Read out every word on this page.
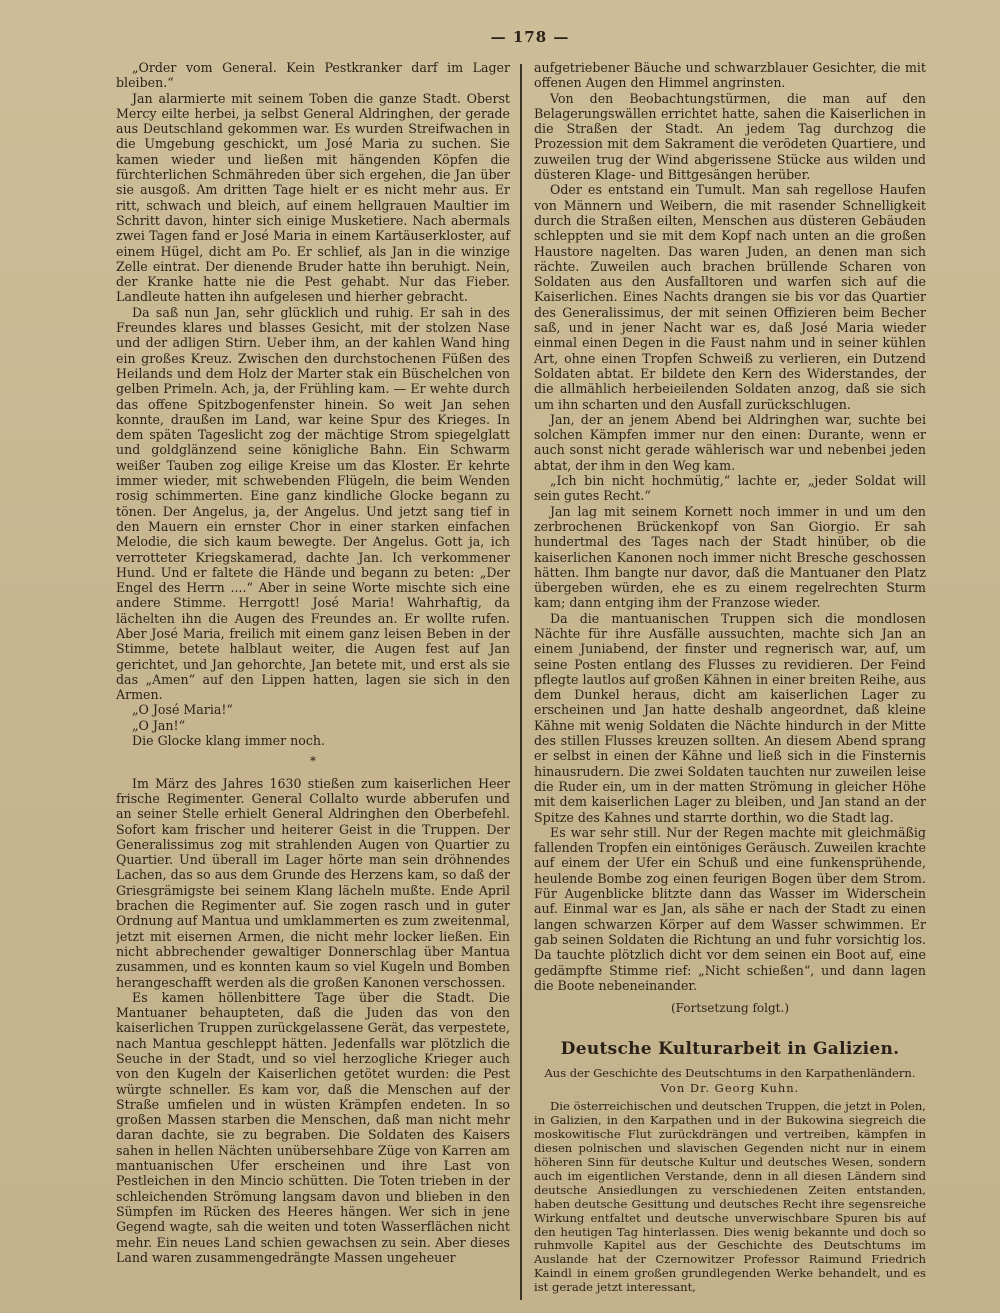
— 178 —

„Order vom General. Kein Pestkranker darf im Lager bleiben.“

Jan alarmierte mit seinem Toben die ganze Stadt. Oberst Mercy eilte herbei, ja selbst General Aldringhen, der gerade aus Deutschland gekommen war. Es wurden Streifwachen in die Umgebung geschickt, um José Maria zu suchen. Sie kamen wieder und ließen mit hängenden Köpfen die fürchterlichen Schmähreden über sich ergehen, die Jan über sie ausgoß. Am dritten Tage hielt er es nicht mehr aus. Er ritt, schwach und bleich, auf einem hellgrauen Maultier im Schritt davon, hinter sich einige Musketiere. Nach abermals zwei Tagen fand er José Maria in einem Kartäuserkloster, auf einem Hügel, dicht am Po. Er schlief, als Jan in die winzige Zelle eintrat. Der dienende Bruder hatte ihn beruhigt. Nein, der Kranke hatte nie die Pest gehabt. Nur das Fieber. Landleute hatten ihn aufgelesen und hierher gebracht.

Da saß nun Jan, sehr glücklich und ruhig. Er sah in des Freundes klares und blasses Gesicht, mit der stolzen Nase und der adligen Stirn. Ueber ihm, an der kahlen Wand hing ein großes Kreuz. Zwischen den durchstochenen Füßen des Heilands und dem Holz der Marter stak ein Büschelchen von gelben Primeln. Ach, ja, der Frühling kam. — Er wehte durch das offene Spitzbogenfenster hinein. So weit Jan sehen konnte, draußen im Land, war keine Spur des Krieges. In dem späten Tageslicht zog der mächtige Strom spiegelglatt und goldglänzend seine königliche Bahn. Ein Schwarm weißer Tauben zog eilige Kreise um das Kloster. Er kehrte immer wieder, mit schwebenden Flügeln, die beim Wenden rosig schimmerten. Eine ganz kindliche Glocke begann zu tönen. Der Angelus, ja, der Angelus. Und jetzt sang tief in den Mauern ein ernster Chor in einer starken einfachen Melodie, die sich kaum bewegte. Der Angelus. Gott ja, ich verrotteter Kriegskamerad, dachte Jan. Ich verkommener Hund. Und er faltete die Hände und begann zu beten: „Der Engel des Herrn ....“ Aber in seine Worte mischte sich eine andere Stimme. Herrgott! José Maria! Wahrhaftig, da lächelten ihn die Augen des Freundes an. Er wollte rufen. Aber José Maria, freilich mit einem ganz leisen Beben in der Stimme, betete halblaut weiter, die Augen fest auf Jan gerichtet, und Jan gehorchte, Jan betete mit, und erst als sie das „Amen“ auf den Lippen hatten, lagen sie sich in den Armen.

„O José Maria!“

„O Jan!“

Die Glocke klang immer noch.

*

Im März des Jahres 1630 stießen zum kaiserlichen Heer frische Regimenter. General Collalto wurde abberufen und an seiner Stelle erhielt General Aldringhen den Oberbefehl. Sofort kam frischer und heiterer Geist in die Truppen. Der Generalissimus zog mit strahlenden Augen von Quartier zu Quartier. Und überall im Lager hörte man sein dröhnendes Lachen, das so aus dem Grunde des Herzens kam, so daß der Griesgrämigste bei seinem Klang lächeln mußte. Ende April brachen die Regimenter auf. Sie zogen rasch und in guter Ordnung auf Mantua und umklammerten es zum zweitenmal, jetzt mit eisernen Armen, die nicht mehr locker ließen. Ein nicht abbrechender gewaltiger Donnerschlag über Mantua zusammen, und es konnten kaum so viel Kugeln und Bomben herangeschafft werden als die großen Kanonen verschossen.

Es kamen höllenbittere Tage über die Stadt. Die Mantuaner behaupteten, daß die Juden das von den kaiserlichen Truppen zurückgelassene Gerät, das verpestete, nach Mantua geschleppt hätten. Jedenfalls war plötzlich die Seuche in der Stadt, und so viel herzogliche Krieger auch von den Kugeln der Kaiserlichen getötet wurden: die Pest würgte schneller. Es kam vor, daß die Menschen auf der Straße umfielen und in wüsten Krämpfen endeten. In so großen Massen starben die Menschen, daß man nicht mehr daran dachte, sie zu begraben. Die Soldaten des Kaisers sahen in hellen Nächten unübersehbare Züge von Karren am mantuanischen Ufer erscheinen und ihre Last von Pestleichen in den Mincio schütten. Die Toten trieben in der schleichenden Strömung langsam davon und blieben in den Sümpfen im Rücken des Heeres hängen. Wer sich in jene Gegend wagte, sah die weiten und toten Wasserflächen nicht mehr. Ein neues Land schien gewachsen zu sein. Aber dieses Land waren zusammengedrängte Massen ungeheuer

aufgetriebener Bäuche und schwarzblauer Gesichter, die mit offenen Augen den Himmel angrinsten.

Von den Beobachtungstürmen, die man auf den Belagerungswällen errichtet hatte, sahen die Kaiserlichen in die Straßen der Stadt. An jedem Tag durchzog die Prozession mit dem Sakrament die verödeten Quartiere, und zuweilen trug der Wind abgerissene Stücke aus wilden und düsteren Klage- und Bittgesängen herüber.

Oder es entstand ein Tumult. Man sah regellose Haufen von Männern und Weibern, die mit rasender Schnelligkeit durch die Straßen eilten, Menschen aus düsteren Gebäuden schleppten und sie mit dem Kopf nach unten an die großen Haustore nagelten. Das waren Juden, an denen man sich rächte. Zuweilen auch brachen brüllende Scharen von Soldaten aus den Ausfalltoren und warfen sich auf die Kaiserlichen. Eines Nachts drangen sie bis vor das Quartier des Generalissimus, der mit seinen Offizieren beim Becher saß, und in jener Nacht war es, daß José Maria wieder einmal einen Degen in die Faust nahm und in seiner kühlen Art, ohne einen Tropfen Schweiß zu verlieren, ein Dutzend Soldaten abtat. Er bildete den Kern des Widerstandes, der die allmählich herbeieilenden Soldaten anzog, daß sie sich um ihn scharten und den Ausfall zurückschlugen.

Jan, der an jenem Abend bei Aldringhen war, suchte bei solchen Kämpfen immer nur den einen: Durante, wenn er auch sonst nicht gerade wählerisch war und nebenbei jeden abtat, der ihm in den Weg kam.

„Ich bin nicht hochmütig,“ lachte er, „jeder Soldat will sein gutes Recht.“

Jan lag mit seinem Kornett noch immer in und um den zerbrochenen Brückenkopf von San Giorgio. Er sah hundertmal des Tages nach der Stadt hinüber, ob die kaiserlichen Kanonen noch immer nicht Bresche geschossen hätten. Ihm bangte nur davor, daß die Mantuaner den Platz übergeben würden, ehe es zu einem regelrechten Sturm kam; dann entging ihm der Franzose wieder.

Da die mantuanischen Truppen sich die mondlosen Nächte für ihre Ausfälle aussuchten, machte sich Jan an einem Juniabend, der finster und regnerisch war, auf, um seine Posten entlang des Flusses zu revidieren. Der Feind pflegte lautlos auf großen Kähnen in einer breiten Reihe, aus dem Dunkel heraus, dicht am kaiserlichen Lager zu erscheinen und Jan hatte deshalb angeordnet, daß kleine Kähne mit wenig Soldaten die Nächte hindurch in der Mitte des stillen Flusses kreuzen sollten. An diesem Abend sprang er selbst in einen der Kähne und ließ sich in die Finsternis hinausrudern. Die zwei Soldaten tauchten nur zuweilen leise die Ruder ein, um in der matten Strömung in gleicher Höhe mit dem kaiserlichen Lager zu bleiben, und Jan stand an der Spitze des Kahnes und starrte dorthin, wo die Stadt lag.

Es war sehr still. Nur der Regen machte mit gleichmäßig fallenden Tropfen ein eintöniges Geräusch. Zuweilen krachte auf einem der Ufer ein Schuß und eine funkensprühende, heulende Bombe zog einen feurigen Bogen über dem Strom. Für Augenblicke blitzte dann das Wasser im Widerschein auf. Einmal war es Jan, als sähe er nach der Stadt zu einen langen schwarzen Körper auf dem Wasser schwimmen. Er gab seinen Soldaten die Richtung an und fuhr vorsichtig los. Da tauchte plötzlich dicht vor dem seinen ein Boot auf, eine gedämpfte Stimme rief: „Nicht schießen“, und dann lagen die Boote nebeneinander.

(Fortsetzung folgt.)
Deutsche Kulturarbeit in Galizien.
Aus der Geschichte des Deutschtums in den Karpathenländern.
Von Dr. Georg Kuhn.

Die österreichischen und deutschen Truppen, die jetzt in Polen, in Galizien, in den Karpathen und in der Bukowina siegreich die moskowitische Flut zurückdrängen und vertreiben, kämpfen in diesen polnischen und slavischen Gegenden nicht nur in einem höheren Sinn für deutsche Kultur und deutsches Wesen, sondern auch im eigentlichen Verstande, denn in all diesen Ländern sind deutsche Ansiedlungen zu verschiedenen Zeiten entstanden, haben deutsche Gesittung und deutsches Recht ihre segensreiche Wirkung entfaltet und deutsche unverwischbare Spuren bis auf den heutigen Tag hinterlassen. Dies wenig bekannte und doch so ruhmvolle Kapitel aus der Geschichte des Deutschtums im Auslande hat der Czernowitzer Professor Raimund Friedrich Kaindl in einem großen grundlegenden Werke behandelt, und es ist gerade jetzt interessant,
